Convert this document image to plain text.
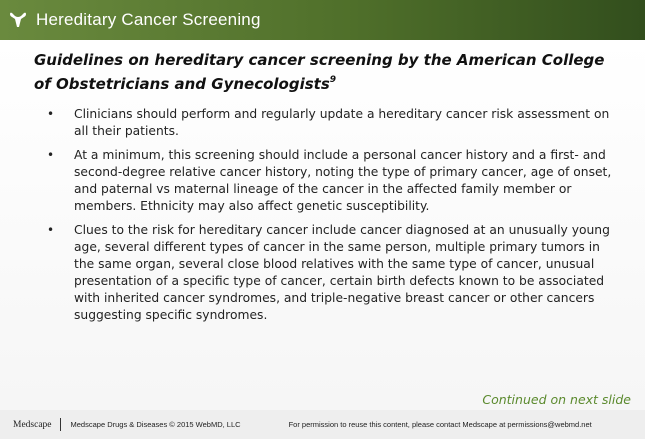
Hereditary Cancer Screening
Guidelines on hereditary cancer screening by the American College of Obstetricians and Gynecologists$^9$
• Clinicians should perform and regularly update a hereditary cancer risk assessment on all their patients.
• At a minimum, this screening should include a personal cancer history and a first- and second-degree relative cancer history, noting the type of primary cancer, age of onset, and paternal vs maternal lineage of the cancer in the affected family member or members. Ethnicity may also affect genetic susceptibility.
• Clues to the risk for hereditary cancer include cancer diagnosed at an unusually young age, several different types of cancer in the same person, multiple primary tumors in the same organ, several close blood relatives with the same type of cancer, unusual presentation of a specific type of cancer, certain birth defects known to be associated with inherited cancer syndromes, and triple-negative breast cancer or other cancers suggesting specific syndromes.
Continued on next slide
Medscape	Medscape Drugs & Diseases © 2015 WebMD, LLC	For permission to reuse this content, please contact Medscape at permissions@webmd.net
